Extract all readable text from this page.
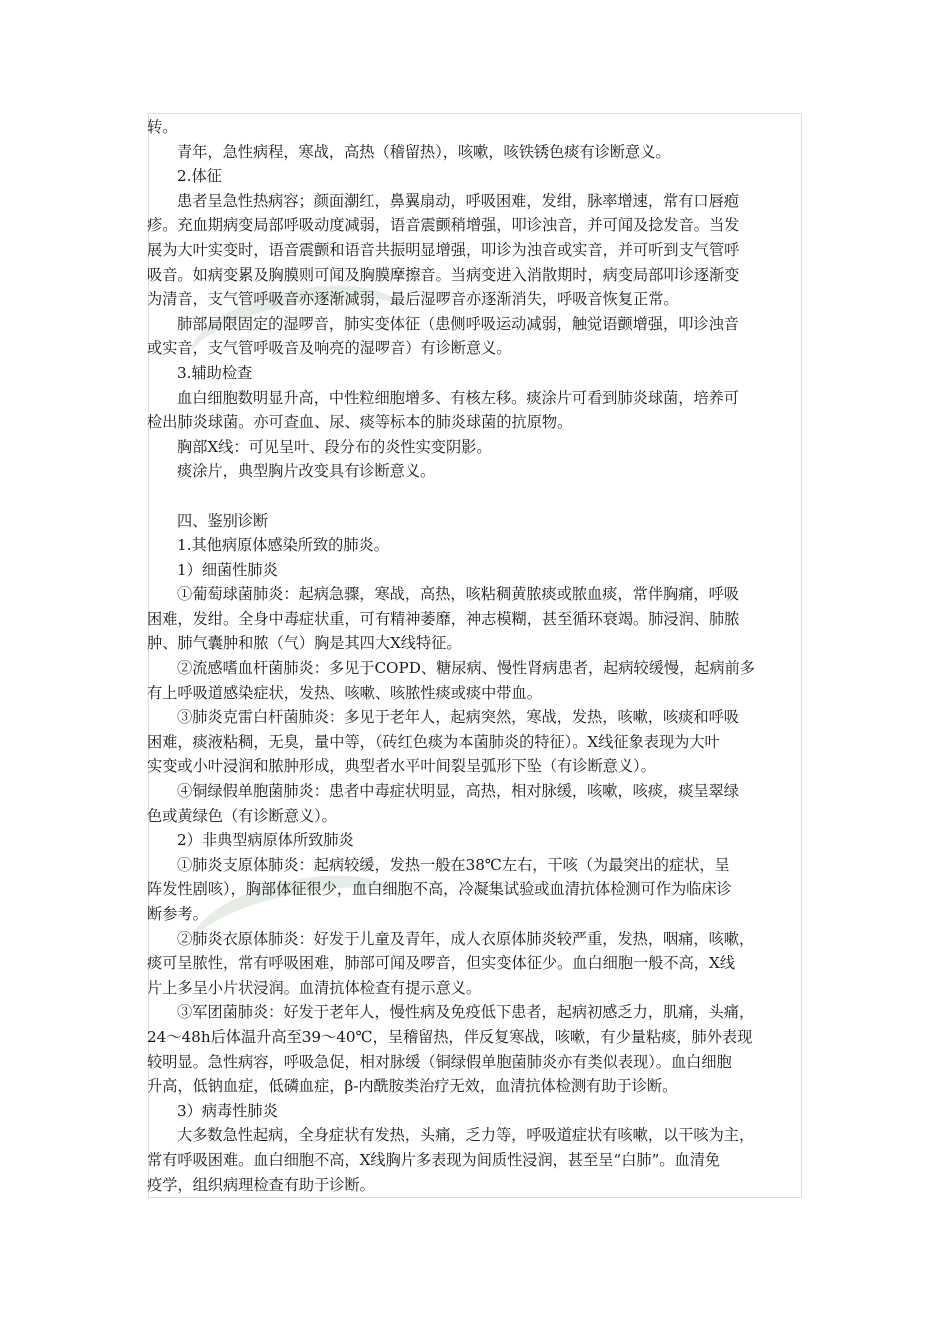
转。

青年，急性病程，寒战，高热（稽留热），咳嗽，咳铁锈色痰有诊断意义。

2.体征

患者呈急性热病容；颜面潮红，鼻翼扇动，呼吸困难，发绀，脉率增速，常有口唇疱

疹。充血期病变局部呼吸动度减弱，语音震颤稍增强，叩诊浊音，并可闻及捻发音。当发

展为大叶实变时，语音震颤和语音共振明显增强，叩诊为浊音或实音，并可听到支气管呼

吸音。如病变累及胸膜则可闻及胸膜摩擦音。当病变进入消散期时，病变局部叩诊逐渐变

为清音，支气管呼吸音亦逐渐减弱，最后湿啰音亦逐渐消失，呼吸音恢复正常。

肺部局限固定的湿啰音，肺实变体征（患侧呼吸运动减弱，触觉语颤增强，叩诊浊音

或实音，支气管呼吸音及响亮的湿啰音）有诊断意义。

3.辅助检查

血白细胞数明显升高，中性粒细胞增多、有核左移。痰涂片可看到肺炎球菌，培养可

检出肺炎球菌。亦可查血、尿、痰等标本的肺炎球菌的抗原物。

胸部X线：可见呈叶、段分布的炎性实变阴影。

痰涂片，典型胸片改变具有诊断意义。

四、鉴别诊断

1.其他病原体感染所致的肺炎。

1）细菌性肺炎

①葡萄球菌肺炎：起病急骤，寒战，高热，咳粘稠黄脓痰或脓血痰，常伴胸痛，呼吸

困难，发绀。全身中毒症状重，可有精神萎靡，神志模糊，甚至循环衰竭。肺浸润、肺脓

肿、肺气囊肿和脓（气）胸是其四大X线特征。

②流感嗜血杆菌肺炎：多见于COPD、糖尿病、慢性肾病患者，起病较缓慢，起病前多

有上呼吸道感染症状，发热、咳嗽、咳脓性痰或痰中带血。

③肺炎克雷白杆菌肺炎：多见于老年人，起病突然，寒战，发热，咳嗽，咳痰和呼吸

困难，痰液粘稠，无臭，量中等，（砖红色痰为本菌肺炎的特征）。X线征象表现为大叶

实变或小叶浸润和脓肿形成，典型者水平叶间裂呈弧形下坠（有诊断意义）。

④铜绿假单胞菌肺炎：患者中毒症状明显，高热，相对脉缓，咳嗽，咳痰，痰呈翠绿

色或黄绿色（有诊断意义）。

2）非典型病原体所致肺炎

①肺炎支原体肺炎：起病较缓，发热一般在38℃左右，干咳（为最突出的症状，呈

阵发性剧咳），胸部体征很少，血白细胞不高，冷凝集试验或血清抗体检测可作为临床诊

断参考。

②肺炎衣原体肺炎：好发于儿童及青年，成人衣原体肺炎较严重，发热，咽痛，咳嗽，

痰可呈脓性，常有呼吸困难，肺部可闻及啰音，但实变体征少。血白细胞一般不高，X线

片上多呈小片状浸润。血清抗体检查有提示意义。

③军团菌肺炎：好发于老年人，慢性病及免疫低下患者，起病初感乏力，肌痛，头痛，

24～48h后体温升高至39～40℃，呈稽留热，伴反复寒战，咳嗽，有少量粘痰，肺外表现

较明显。急性病容，呼吸急促，相对脉缓（铜绿假单胞菌肺炎亦有类似表现）。血白细胞

升高，低钠血症，低磷血症，β-内酰胺类治疗无效，血清抗体检测有助于诊断。

3）病毒性肺炎

大多数急性起病，全身症状有发热，头痛，乏力等，呼吸道症状有咳嗽，以干咳为主，

常有呼吸困难。血白细胞不高，X线胸片多表现为间质性浸润，甚至呈“白肺”。血清免

疫学，组织病理检查有助于诊断。
